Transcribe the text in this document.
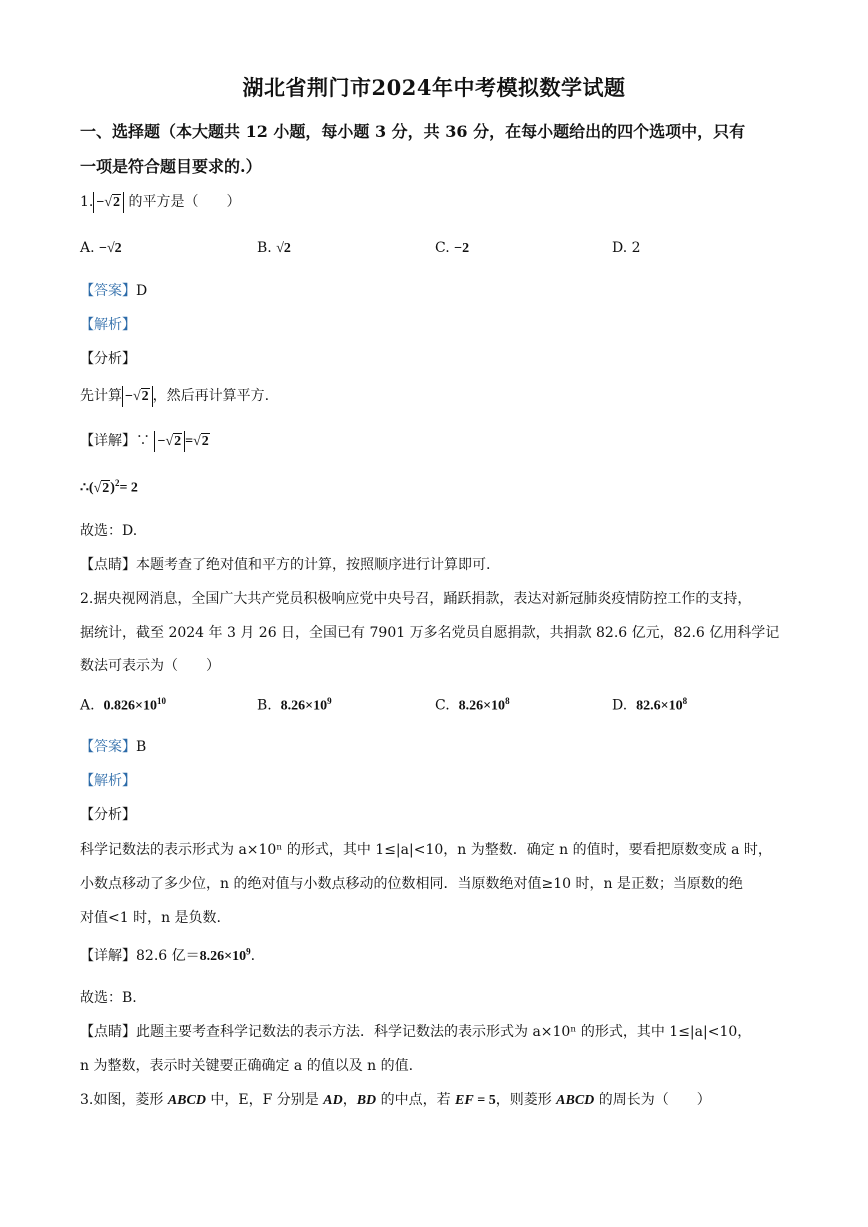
湖北省荆门市2024年中考模拟数学试题
一、选择题（本大题共 12 小题，每小题 3 分，共 36 分，在每小题给出的四个选项中，只有
一项是符合题目要求的.）
1. −√2 的平方是（　　）
A. −√2	B. √2	C. −2	D. 2
【答案】D
【解析】
【分析】
先计算 −√2 ，然后再计算平方.
【详解】∵ −√2 =√2
$\therefore(√2)^2= 2$
故选：D.
【点睛】本题考查了绝对值和平方的计算，按照顺序进行计算即可.
2.据央视网消息，全国广大共产党员积极响应党中央号召，踊跃捐款，表达对新冠肺炎疫情防控工作的支持，
据统计，截至 2024 年 3 月 26 日，全国已有 7901 万多名党员自愿捐款，共捐款 82.6 亿元，82.6 亿用科学记
数法可表示为（　　）
A. $0.826\times 10^{10}$	B. $8.26\times 10^9$	C. $8.26\times 10^8$	D. $82.6\times 10^8$
【答案】B
【解析】
【分析】
科学记数法的表示形式为 a×10ⁿ 的形式，其中 1≤|a|<10，n 为整数．确定 n 的值时，要看把原数变成 a 时，
小数点移动了多少位，n 的绝对值与小数点移动的位数相同．当原数绝对值≥10 时，n 是正数；当原数的绝
对值<1 时，n 是负数.
【详解】82.6 亿$=8.26\times 10^9$.
故选：B.
【点睛】此题主要考查科学记数法的表示方法．科学记数法的表示形式为 a×10ⁿ 的形式，其中 1≤|a|<10，
n 为整数，表示时关键要正确确定 a 的值以及 n 的值.
3.如图，菱形 ABCD 中，E，F 分别是 AD，BD 的中点，若 EF = 5，则菱形 ABCD 的周长为（　　）
